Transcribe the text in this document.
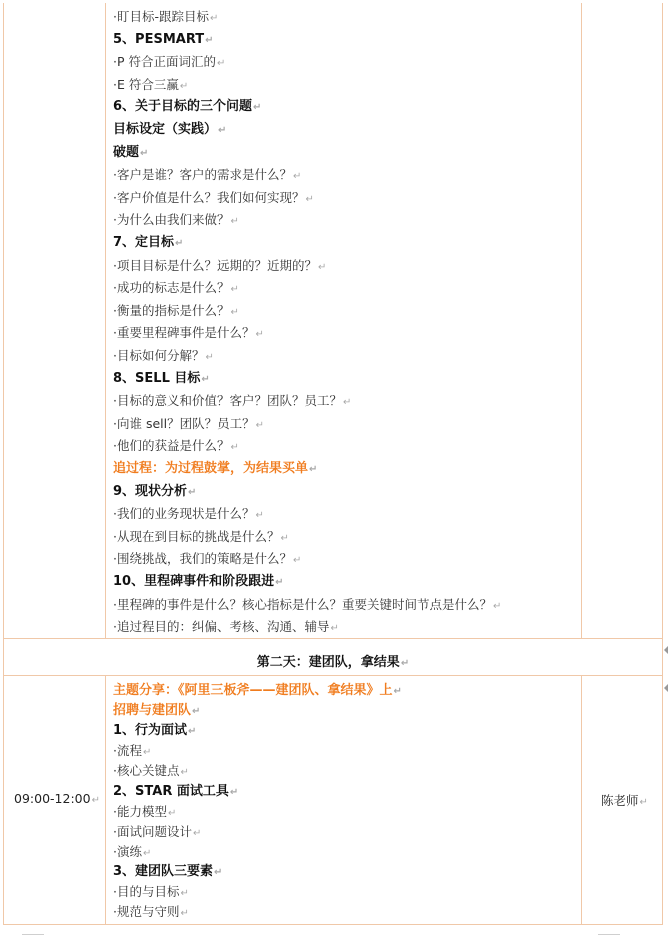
·盯目标-跟踪目标↵
5、PESMART↵
·P 符合正面词汇的↵
·E 符合三赢↵
6、关于目标的三个问题↵
目标设定（实践）↵
破题↵
·客户是谁？客户的需求是什么？↵
·客户价值是什么？我们如何实现？↵
·为什么由我们来做？↵
7、定目标↵
·项目目标是什么？远期的？近期的？↵
·成功的标志是什么？↵
·衡量的指标是什么？↵
·重要里程碑事件是什么？↵
·目标如何分解？↵
8、SELL 目标↵
·目标的意义和价值？客户？团队？员工？↵
·向谁 sell？团队？员工？↵
·他们的获益是什么？↵
追过程：为过程鼓掌，为结果买单↵
9、现状分析↵
·我们的业务现状是什么？↵
·从现在到目标的挑战是什么？↵
·围绕挑战，我们的策略是什么？↵
10、里程碑事件和阶段跟进↵
·里程碑的事件是什么？核心指标是什么？重要关键时间节点是什么？↵
·追过程目的：纠偏、考核、沟通、辅导↵
第二天：建团队，拿结果↵
09:00-12:00↵	陈老师↵
主题分享：《阿里三板斧——建团队、拿结果》上↵
招聘与建团队↵
1、行为面试↵
·流程↵
·核心关键点↵
2、STAR 面试工具↵
·能力模型↵
·面试问题设计↵
·演练↵
3、建团队三要素↵
·目的与目标↵
·规范与守则↵
